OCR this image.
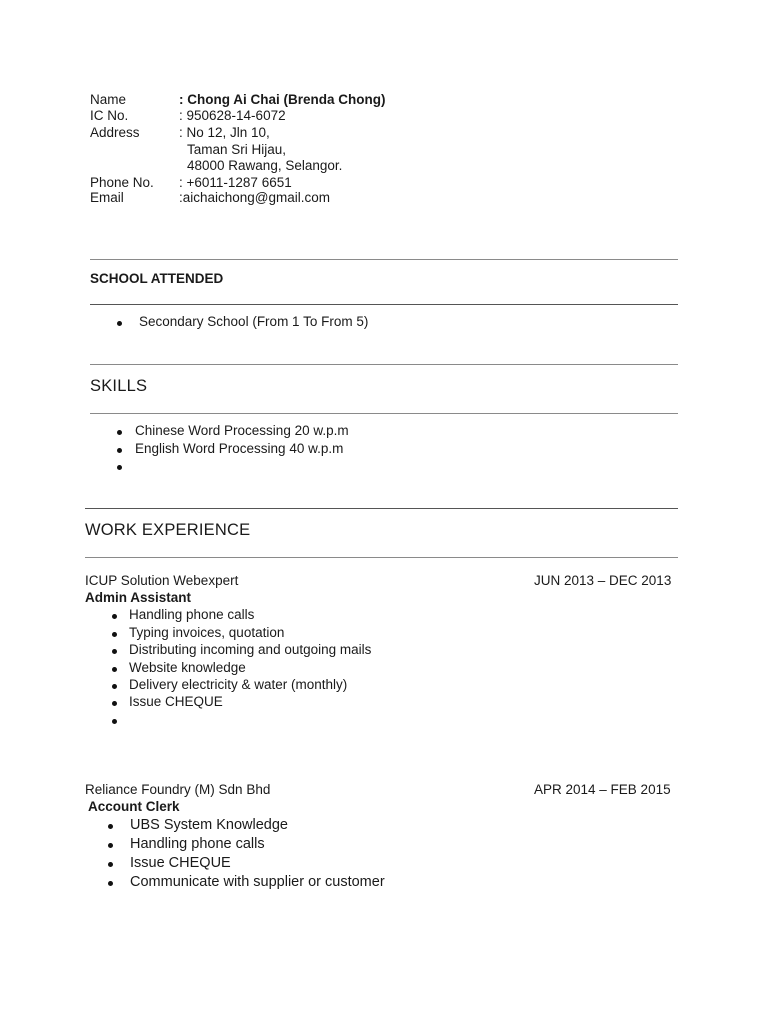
Name	: Chong Ai Chai (Brenda Chong)
IC No.	: 950628-14-6072
Address	: No 12, Jln 10,
Taman Sri Hijau,
48000 Rawang, Selangor.
Phone No. : +6011-1287 6651
Email	:aichaichong@gmail.com
SCHOOL ATTENDED
Secondary School (From 1 To From 5)
SKILLS
Chinese Word Processing 20 w.p.m
English Word Processing 40 w.p.m
WORK EXPERIENCE
ICUP Solution Webexpert	JUN 2013 – DEC 2013
Admin Assistant
Handling phone calls
Typing invoices, quotation
Distributing incoming and outgoing mails
Website knowledge
Delivery electricity & water (monthly)
Issue CHEQUE
Reliance Foundry (M) Sdn Bhd	APR 2014 – FEB 2015
Account Clerk
UBS System Knowledge
Handling phone calls
Issue CHEQUE
Communicate with supplier or customer
